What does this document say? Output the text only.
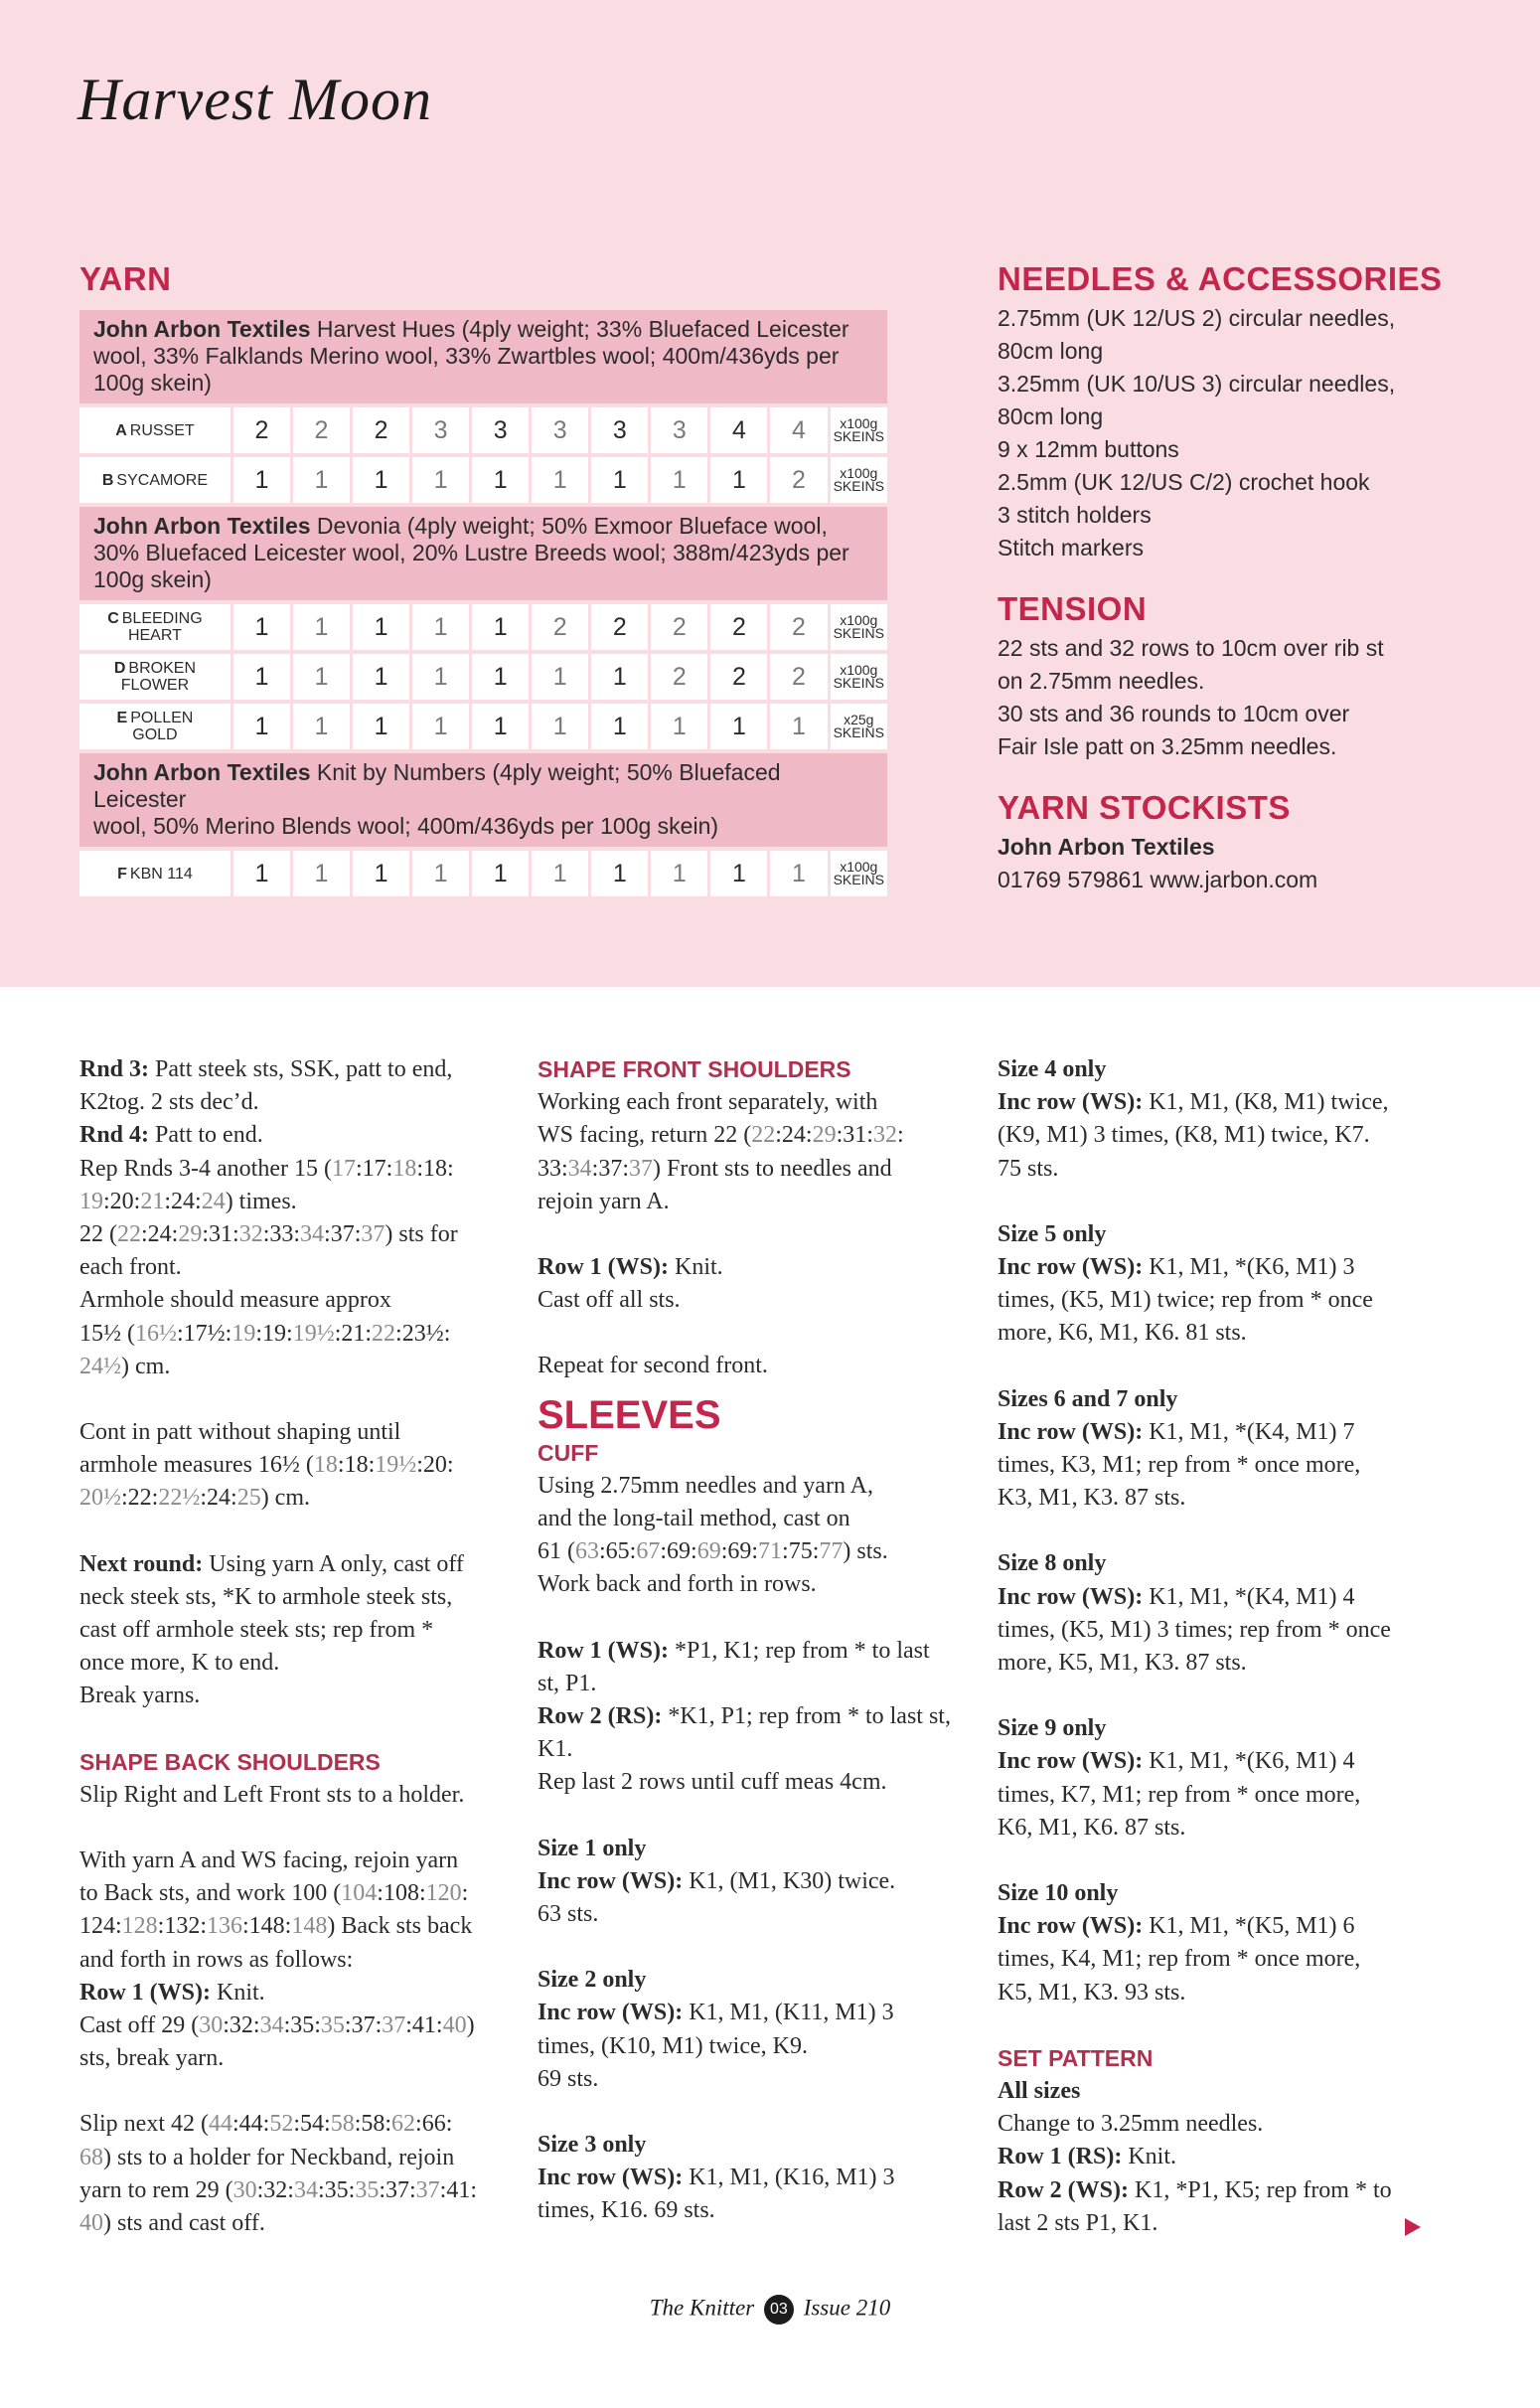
Harvest Moon
YARN
John Arbon Textiles Harvest Hues (4ply weight; 33% Bluefaced Leicester
wool, 33% Falklands Merino wool, 33% Zwartbles wool; 400m/436yds per
100g skein)
A RUSSET	2	2	2	3	3	3	3	3	4	4	x100g
SKEINS
B SYCAMORE	1	1	1	1	1	1	1	1	1	2	x100g
SKEINS
John Arbon Textiles Devonia (4ply weight; 50% Exmoor Blueface wool,
30% Bluefaced Leicester wool, 20% Lustre Breeds wool; 388m/423yds per
100g skein)
C BLEEDING
HEART	1	1	1	1	1	2	2	2	2	2	x100g
SKEINS
D BROKEN
FLOWER	1	1	1	1	1	1	1	2	2	2	x100g
SKEINS
E POLLEN
GOLD	1	1	1	1	1	1	1	1	1	1	x25g
SKEINS
John Arbon Textiles Knit by Numbers (4ply weight; 50% Bluefaced Leicester
wool, 50% Merino Blends wool; 400m/436yds per 100g skein)
F KBN 114	1	1	1	1	1	1	1	1	1	1	x100g
SKEINS
NEEDLES & ACCESSORIES
2.75mm (UK 12/US 2) circular needles,
80cm long
3.25mm (UK 10/US 3) circular needles,
80cm long
9 x 12mm buttons
2.5mm (UK 12/US C/2) crochet hook
3 stitch holders
Stitch markers
TENSION
22 sts and 32 rows to 10cm over rib st
on 2.75mm needles.
30 sts and 36 rounds to 10cm over
Fair Isle patt on 3.25mm needles.
YARN STOCKISTS
John Arbon Textiles
01769 579861 www.jarbon.com

Rnd 3: Patt steek sts, SSK, patt to end,

K2tog. 2 sts dec’d.

Rnd 4: Patt to end.

Rep Rnds 3-4 another 15 (17:17:18:18:

19:20:21:24:24) times.

22 (22:24:29:31:32:33:34:37:37) sts for

each front.

Armhole should measure approx

15½ (16½:17½:19:19:19½:21:22:23½:

24½) cm.

Cont in patt without shaping until

armhole measures 16½ (18:18:19½:20:

20½:22:22½:24:25) cm.

Next round: Using yarn A only, cast off

neck steek sts, *K to armhole steek sts,

cast off armhole steek sts; rep from *

once more, K to end.

Break yarns.

SHAPE BACK SHOULDERS

Slip Right and Left Front sts to a holder.

With yarn A and WS facing, rejoin yarn

to Back sts, and work 100 (104:108:120:

124:128:132:136:148:148) Back sts back

and forth in rows as follows:

Row 1 (WS): Knit.

Cast off 29 (30:32:34:35:35:37:37:41:40)

sts, break yarn.

Slip next 42 (44:44:52:54:58:58:62:66:

68) sts to a holder for Neckband, rejoin

yarn to rem 29 (30:32:34:35:35:37:37:41:

40) sts and cast off.

SHAPE FRONT SHOULDERS

Working each front separately, with

WS facing, return 22 (22:24:29:31:32:

33:34:37:37) Front sts to needles and

rejoin yarn A.

Row 1 (WS): Knit.

Cast off all sts.

Repeat for second front.

SLEEVES

CUFF

Using 2.75mm needles and yarn A,

and the long-tail method, cast on

61 (63:65:67:69:69:69:71:75:77) sts.

Work back and forth in rows.

Row 1 (WS): *P1, K1; rep from * to last

st, P1.

Row 2 (RS): *K1, P1; rep from * to last st,

K1.

Rep last 2 rows until cuff meas 4cm.

Size 1 only

Inc row (WS): K1, (M1, K30) twice.

63 sts.

Size 2 only

Inc row (WS): K1, M1, (K11, M1) 3

times, (K10, M1) twice, K9.

69 sts.

Size 3 only

Inc row (WS): K1, M1, (K16, M1) 3

times, K16. 69 sts.

Size 4 only

Inc row (WS): K1, M1, (K8, M1) twice,

(K9, M1) 3 times, (K8, M1) twice, K7.

75 sts.

Size 5 only

Inc row (WS): K1, M1, *(K6, M1) 3

times, (K5, M1) twice; rep from * once

more, K6, M1, K6. 81 sts.

Sizes 6 and 7 only

Inc row (WS): K1, M1, *(K4, M1) 7

times, K3, M1; rep from * once more,

K3, M1, K3. 87 sts.

Size 8 only

Inc row (WS): K1, M1, *(K4, M1) 4

times, (K5, M1) 3 times; rep from * once

more, K5, M1, K3. 87 sts.

Size 9 only

Inc row (WS): K1, M1, *(K6, M1) 4

times, K7, M1; rep from * once more,

K6, M1, K6. 87 sts.

Size 10 only

Inc row (WS): K1, M1, *(K5, M1) 6

times, K4, M1; rep from * once more,

K5, M1, K3. 93 sts.

SET PATTERN

All sizes

Change to 3.25mm needles.

Row 1 (RS): Knit.

Row 2 (WS): K1, *P1, K5; rep from * to

last 2 sts P1, K1.

The Knitter 03 Issue 210
